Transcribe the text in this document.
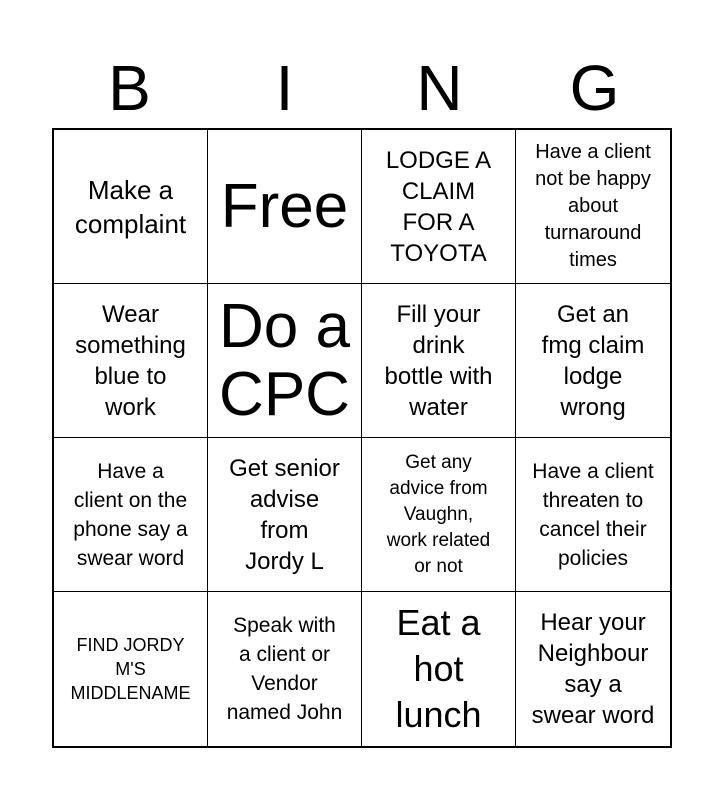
B	I	N	G
Make a
complaint Free
LODGE A
CLAIM
FOR A
TOYOTA
Have a client
not be happy
about
turnaround
times
Wear
something
blue to
work
Do a
CPC
Fill your
drink
bottle with
water
Get an
fmg claim
lodge
wrong
Have a
client on the
phone say a
swear word
Get senior
advise
from
Jordy L
Get any
advice from
Vaughn,
work related
or not
Have a client
threaten to
cancel their
policies
FIND JORDY
M'S
MIDDLENAME
Speak with
a client or
Vendor
named John
Eat a
hot
lunch
Hear your
Neighbour
say a
swear word
